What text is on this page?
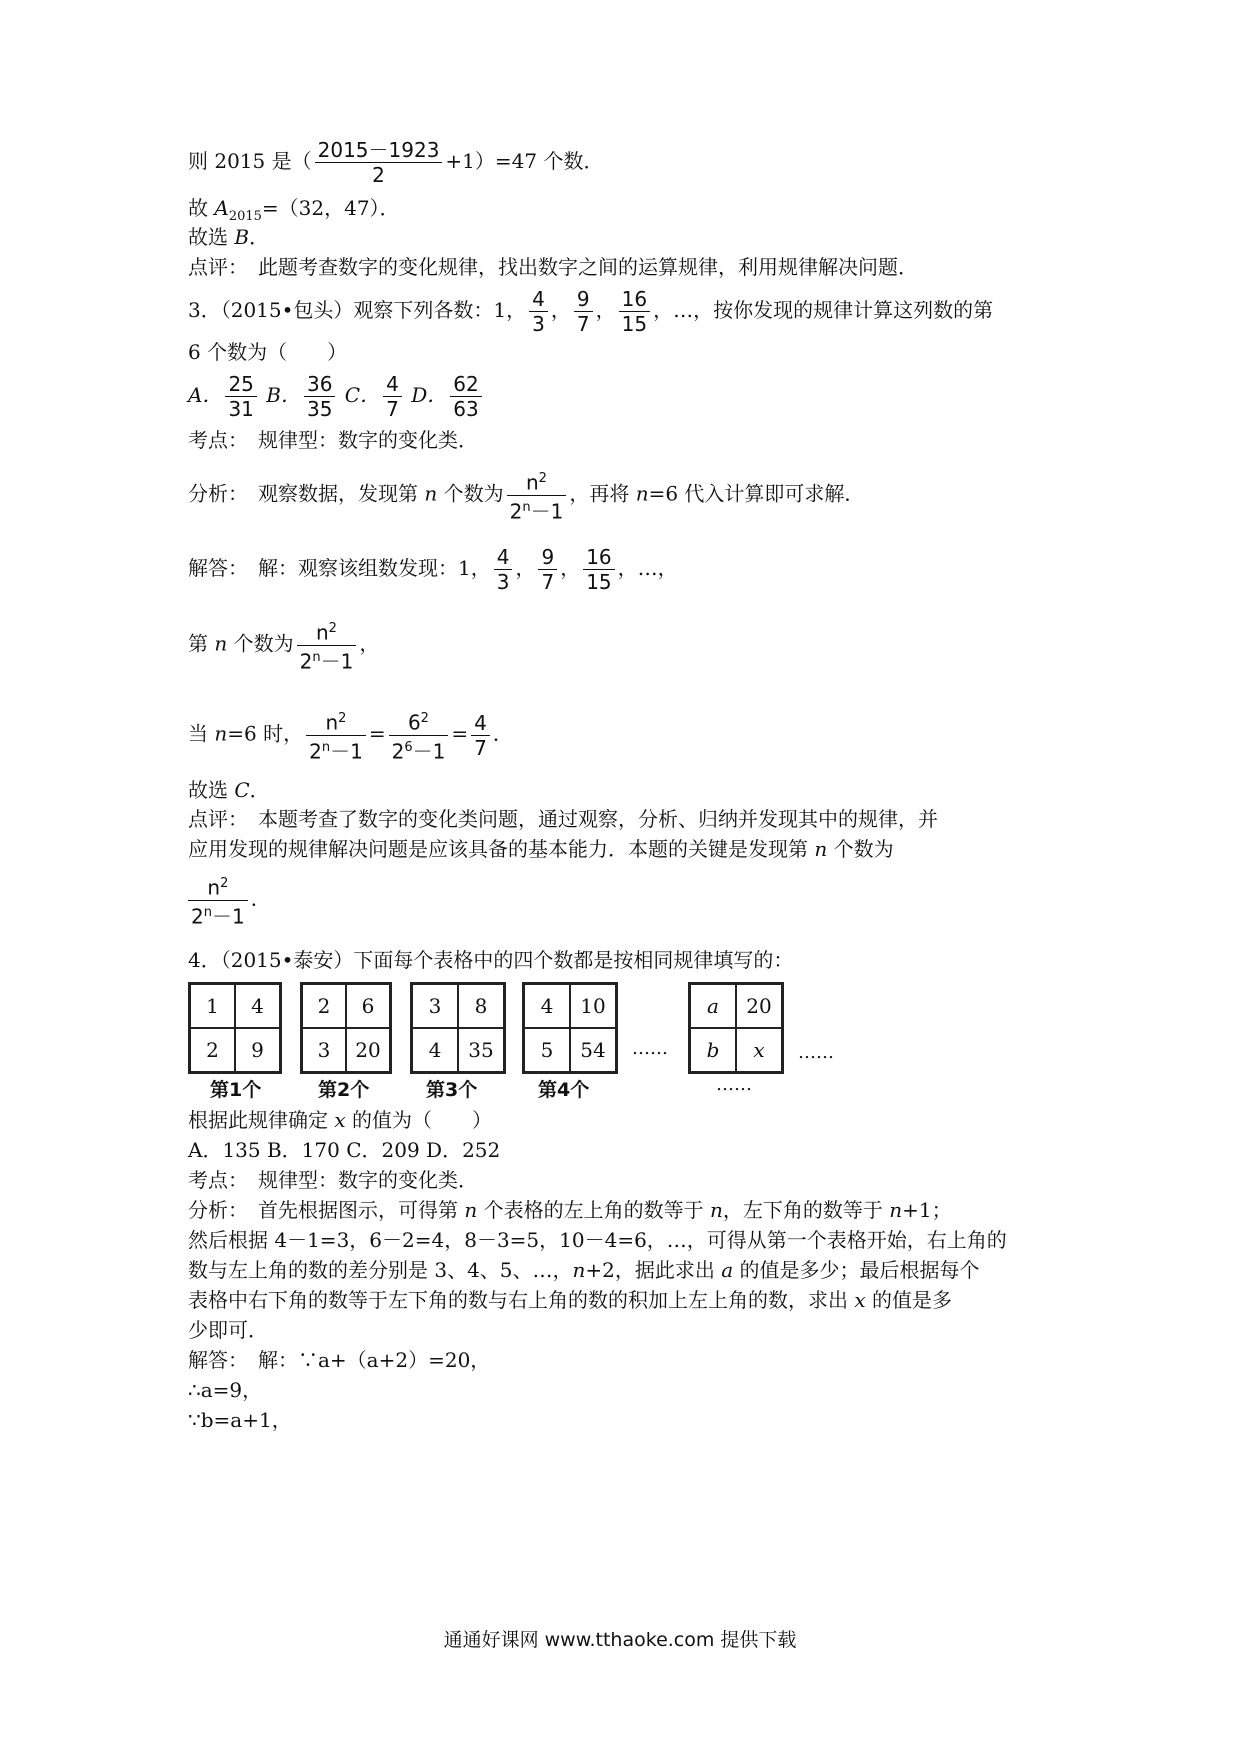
则 2015 是（ $\frac{2015-1923}{2} +1)=47$ 个数．
故 $A_{2015}=(32$，47）．
故选 B．
点评：　此题考查数字的变化规律，找出数字之间的运算规律，利用规律解决问题．
3．（2015•包头）观察下列各数：1， $\frac{4}{3}$ ， $\frac{9}{7}$ ， $\frac{16}{15}$ ，…，按你发现的规律计算这列数的第
6 个数为（　　）
A． $\frac{25}{31}$ B． $\frac{36}{35}$ C． $\frac{4}{7}$ D． $\frac{62}{63}$
考点：　规律型：数字的变化类．
分析：　观察数据，发现第 n 个数为 $\frac{n^2}{2^n-1}$ ，再将 n=6 代入计算即可求解．
解答：　解：观察该组数发现：1， $\frac{4}{3}$ ， $\frac{9}{7}$ ， $\frac{16}{15}$ ，…，
第 n 个数为 $\frac{n^2}{2^n-1}$ ，
当 n=6 时， $\frac{n^2}{2^n-1} = \frac{6^2}{2^6-1} = \frac{4}{7}$ ．
故选 C．
点评：　本题考查了数字的变化类问题，通过观察，分析、归纳并发现其中的规律，并
应用发现的规律解决问题是应该具备的基本能力．本题的关键是发现第 n 个数为
$\frac{n^2}{2^n-1}$ ．
4．（2015•泰安）下面每个表格中的四个数都是按相同规律填写的：
1	4
2	9
第1个
2	6
3	20
第2个
3	8
4	35
第3个
4	10
5	54
第4个
……
a	20
b	x
……
……
根据此规律确定 x 的值为（　　）
A．135 B．170 C．209 D．252
考点：　规律型：数字的变化类．
分析：　首先根据图示，可得第 n 个表格的左上角的数等于 n，左下角的数等于 n+1；
然后根据 4－1=3，6－2=4，8－3=5，10－4=6，…，可得从第一个表格开始，右上角的
数与左上角的数的差分别是 3、4、5、…，n+2，据此求出 a 的值是多少；最后根据每个
表格中右下角的数等于左下角的数与右上角的数的积加上左上角的数，求出 x 的值是多
少即可．
解答：　解：∵a+（a+2）=20，
∴a=9，
∵b=a+1，
通通好课网 www.tthaoke.com 提供下载
